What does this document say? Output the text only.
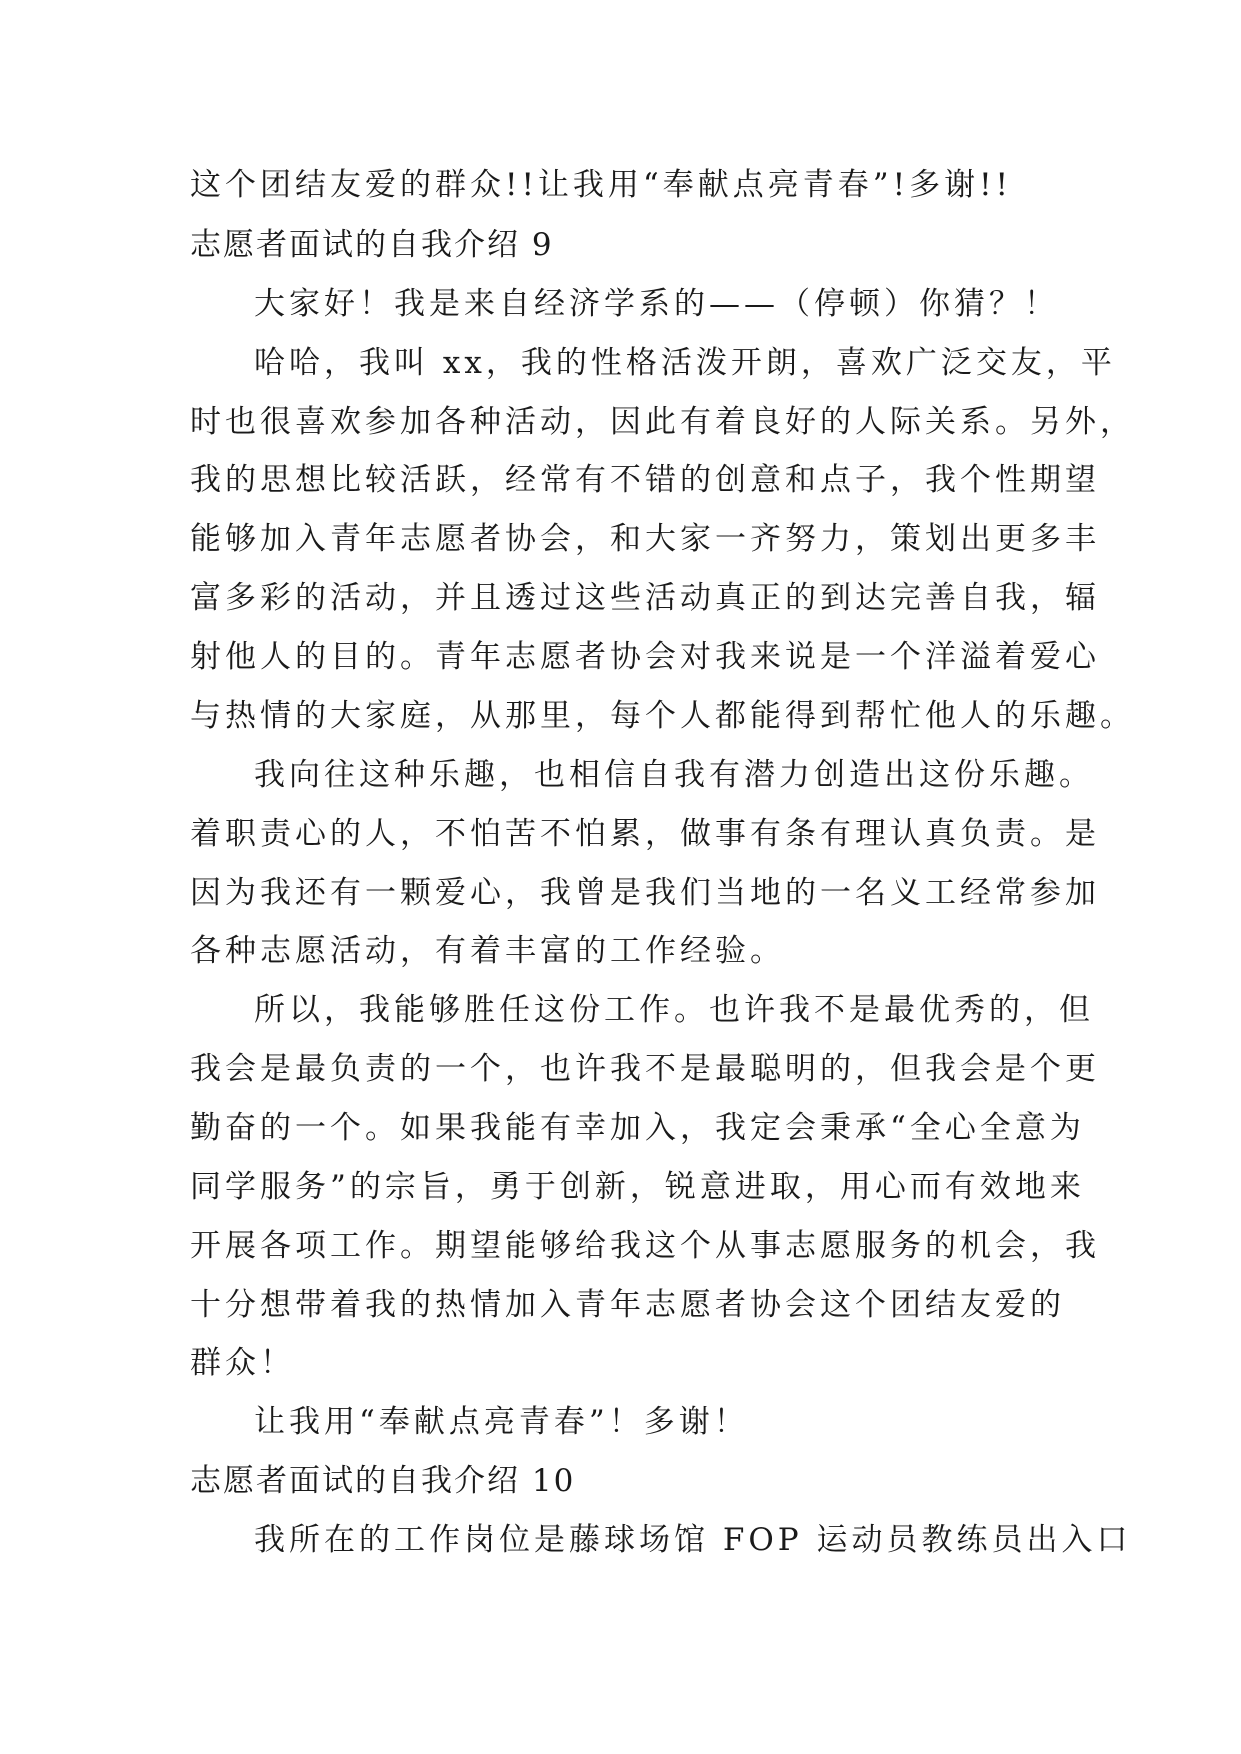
这个团结友爱的群众!!让我用“奉献点亮青春”!多谢!!
志愿者面试的自我介绍 9
大家好！我是来自经济学系的——（停顿）你猜？！
哈哈，我叫 xx，我的性格活泼开朗，喜欢广泛交友，平
时也很喜欢参加各种活动，因此有着良好的人际关系。另外，
我的思想比较活跃，经常有不错的创意和点子，我个性期望
能够加入青年志愿者协会，和大家一齐努力，策划出更多丰
富多彩的活动，并且透过这些活动真正的到达完善自我，辐
射他人的目的。青年志愿者协会对我来说是一个洋溢着爱心
与热情的大家庭，从那里，每个人都能得到帮忙他人的乐趣。
我向往这种乐趣，也相信自我有潜力创造出这份乐趣。
着职责心的人，不怕苦不怕累，做事有条有理认真负责。是
因为我还有一颗爱心，我曾是我们当地的一名义工经常参加
各种志愿活动，有着丰富的工作经验。
所以，我能够胜任这份工作。也许我不是最优秀的，但
我会是最负责的一个，也许我不是最聪明的，但我会是个更
勤奋的一个。如果我能有幸加入，我定会秉承“全心全意为
同学服务”的宗旨，勇于创新，锐意进取，用心而有效地来
开展各项工作。期望能够给我这个从事志愿服务的机会，我
十分想带着我的热情加入青年志愿者协会这个团结友爱的
群众！
让我用“奉献点亮青春”！多谢！
志愿者面试的自我介绍 10
我所在的工作岗位是藤球场馆 FOP 运动员教练员出入口
